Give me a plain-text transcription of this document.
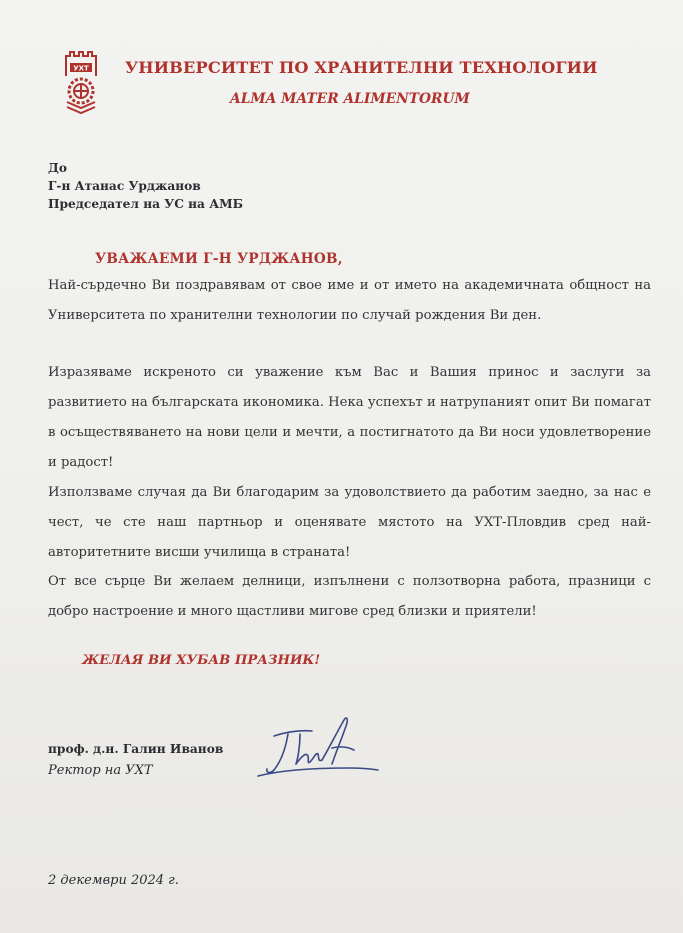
УХТ УНИВЕРСИТЕТ ПО ХРАНИТЕЛНИ ТЕХНОЛОГИИ
ALMA MATER ALIMENTORUM
До
Г-н Атанас Урджанов
Председател на УС на АМБ
УВАЖАЕМИ Г-Н УРДЖАНОВ,
Най-сърдечно Ви поздравявам от свое име и от името на академичната общност на Университета по хранителни технологии по случай рождения Ви ден.
Изразяваме искреното си уважение към Вас и Вашия принос и заслуги за развитието на българската икономика. Нека успехът и натрупаният опит Ви помагат в осъществяването на нови цели и мечти, а постигнатото да Ви носи удовлетворение и радост!
Използваме случая да Ви благодарим за удоволствието да работим заедно, за нас е чест, че сте наш партньор и оценявате мястото на УХТ-Пловдив сред най-авторитетните висши училища в страната!
От все сърце Ви желаем делници, изпълнени с ползотворна работа, празници с добро настроение и много щастливи мигове сред близки и приятели!
ЖЕЛАЯ ВИ ХУБАВ ПРАЗНИК!
проф. д.н. Галин Иванов
Ректор на УХТ
2 декември 2024 г.
